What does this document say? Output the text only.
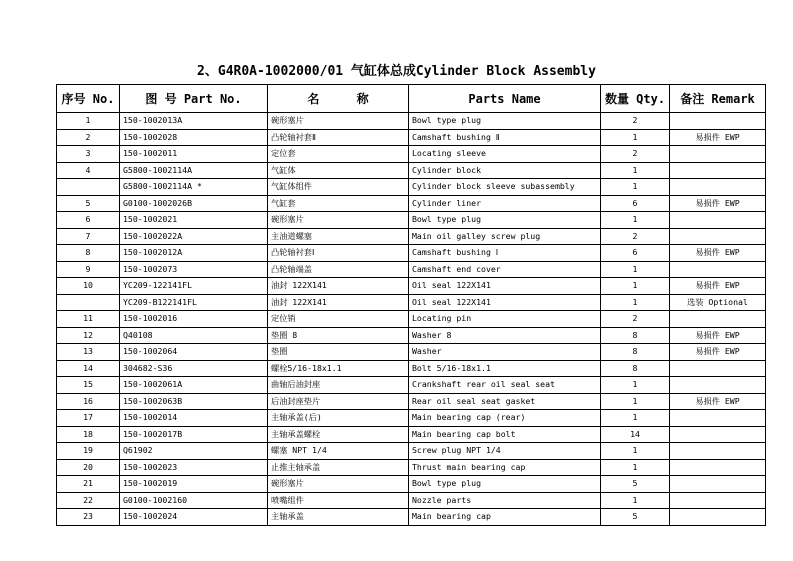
2、G4R0A-1002000/01 气缸体总成Cylinder Block Assembly
序号 No.	图 号 Part No.	名 称	Parts Name	数量 Qty.	备注 Remark
1	150-1002013A	碗形塞片	Bowl type plug	2	
2	150-1002028	凸轮轴衬套Ⅱ	Camshaft bushing Ⅱ	1	易损件 EWP
3	150-1002011	定位套	Locating sleeve	2	
4	G5800-1002114A	气缸体	Cylinder block	1	
	G5800-1002114A *	气缸体组件	Cylinder block sleeve subassembly	1	
5	G0100-1002026B	气缸套	Cylinder liner	6	易损件 EWP
6	150-1002021	碗形塞片	Bowl type plug	1	
7	150-1002022A	主油道螺塞	Main oil galley screw plug	2	
8	150-1002012A	凸轮轴衬套Ⅰ	Camshaft bushing Ⅰ	6	易损件 EWP
9	150-1002073	凸轮轴端盖	Camshaft end cover	1	
10	YC209-122141FL	油封 122X141	Oil seal 122X141	1	易损件 EWP
	YC209-B122141FL	油封 122X141	Oil seal 122X141	1	选装 Optional
11	150-1002016	定位销	Locating pin	2	
12	Q40108	垫圈 8	Washer 8	8	易损件 EWP
13	150-1002064	垫圈	Washer	8	易损件 EWP
14	304682-S36	螺栓5/16-18x1.1	Bolt 5/16-18x1.1	8	
15	150-1002061A	曲轴后油封座	Crankshaft rear oil seal seat	1	
16	150-1002063B	后油封座垫片	Rear oil seal seat gasket	1	易损件 EWP
17	150-1002014	主轴承盖(后)	Main bearing cap (rear)	1	
18	150-1002017B	主轴承盖螺栓	Main bearing cap bolt	14	
19	Q61902	螺塞 NPT 1/4	Screw plug NPT 1/4	1	
20	150-1002023	止推主轴承盖	Thrust main bearing cap	1	
21	150-1002019	碗形塞片	Bowl type plug	5	
22	G0100-1002160	喷嘴组件	Nozzle parts	1	
23	150-1002024	主轴承盖	Main bearing cap	5	
